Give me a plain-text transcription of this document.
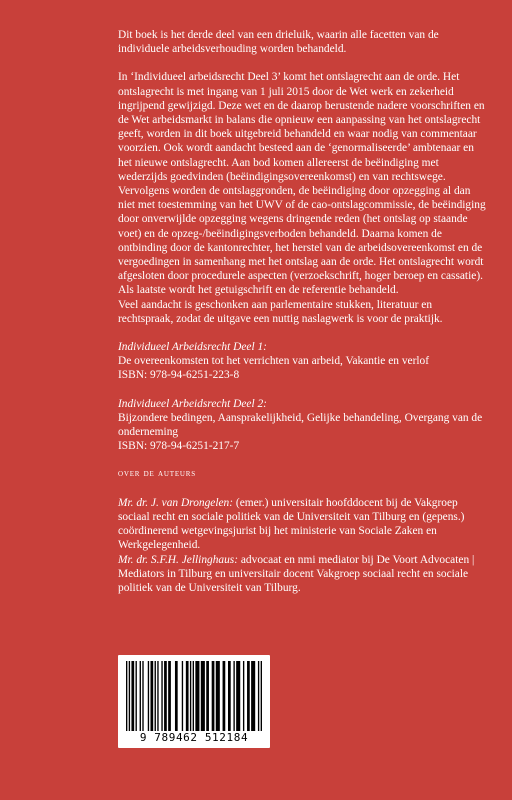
Dit boek is het derde deel van een drieluik, waarin alle facetten van de individuele arbeidsverhouding worden behandeld.

In ‘Individueel arbeidsrecht Deel 3’ komt het ontslagrecht aan de orde. Het ontslagrecht is met ingang van 1 juli 2015 door de Wet werk en zekerheid ingrijpend gewijzigd. Deze wet en de daarop berustende nadere voorschriften en de Wet arbeidsmarkt in balans die opnieuw een aanpassing van het ontslagrecht geeft, worden in dit boek uitgebreid behandeld en waar nodig van commentaar voorzien. Ook wordt aandacht besteed aan de ‘genormaliseerde’ ambtenaar en het nieuwe ontslagrecht. Aan bod komen allereerst de beëindiging met wederzijds goedvinden (beëindigingsovereenkomst) en van rechtswege. Vervolgens worden de ontslaggronden, de beëindiging door opzegging al dan niet met toestemming van het UWV of de cao-ontslagcommissie, de beëindiging door onverwijlde opzegging wegens dringende reden (het ontslag op staande voet) en de opzeg-/beëindigingsverboden behandeld. Daarna komen de ontbinding door de kantonrechter, het herstel van de arbeidsovereenkomst en de vergoedingen in samenhang met het ontslag aan de orde. Het ontslagrecht wordt afgesloten door procedurele aspecten (verzoekschrift, hoger beroep en cassatie). Als laatste wordt het getuigschrift en de referentie behandeld.

Veel aandacht is geschonken aan parlementaire stukken, literatuur en rechtspraak, zodat de uitgave een nuttig naslagwerk is voor de praktijk.

Individueel Arbeidsrecht Deel 1:
De overeenkomsten tot het verrichten van arbeid, Vakantie en verlof
ISBN: 978-94-6251-223-8
Individueel Arbeidsrecht Deel 2:
Bijzondere bedingen, Aansprakelijkheid, Gelijke behandeling, Overgang van de onderneming
ISBN: 978-94-6251-217-7
over de auteurs
Mr. dr. J. van Drongelen: (emer.) universitair hoofddocent bij de Vakgroep sociaal recht en sociale politiek van de Universiteit van Tilburg en (gepens.) coördinerend wetgevingsjurist bij het ministerie van Sociale Zaken en Werkgelegenheid.
Mr. dr. S.F.H. Jellinghaus: advocaat en nmi mediator bij De Voort Advocaten | Mediators in Tilburg en universitair docent Vakgroep sociaal recht en sociale politiek van de Universiteit van Tilburg.
9 789462 512184
